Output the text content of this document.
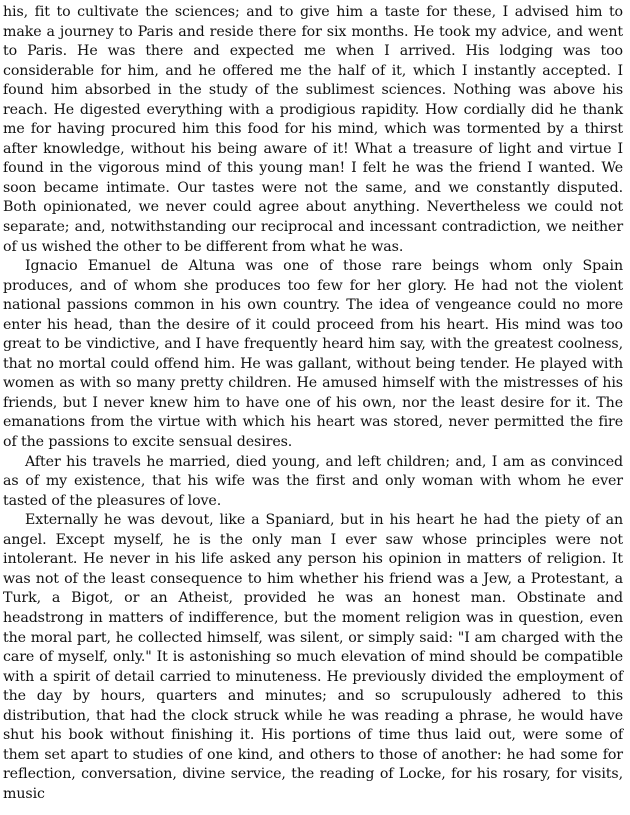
his, fit to cultivate the sciences; and to give him a taste for these, I advised him to make a journey to Paris and reside there for six months. He took my advice, and went to Paris. He was there and expected me when I arrived. His lodging was too considerable for him, and he offered me the half of it, which I instantly accepted. I found him absorbed in the study of the sublimest sciences. Nothing was above his reach. He digested everything with a prodigious rapidity. How cordially did he thank me for having procured him this food for his mind, which was tormented by a thirst after knowledge, without his being aware of it! What a treasure of light and virtue I found in the vigorous mind of this young man! I felt he was the friend I wanted. We soon became intimate. Our tastes were not the same, and we constantly disputed. Both opinionated, we never could agree about anything. Nevertheless we could not separate; and, notwithstanding our reciprocal and incessant contradiction, we neither of us wished the other to be different from what he was.

Ignacio Emanuel de Altuna was one of those rare beings whom only Spain produces, and of whom she produces too few for her glory. He had not the violent national passions common in his own country. The idea of vengeance could no more enter his head, than the desire of it could proceed from his heart. His mind was too great to be vindictive, and I have frequently heard him say, with the greatest coolness, that no mortal could offend him. He was gallant, without being tender. He played with women as with so many pretty children. He amused himself with the mistresses of his friends, but I never knew him to have one of his own, nor the least desire for it. The emanations from the virtue with which his heart was stored, never permitted the fire of the passions to excite sensual desires.

After his travels he married, died young, and left children; and, I am as convinced as of my existence, that his wife was the first and only woman with whom he ever tasted of the pleasures of love.

Externally he was devout, like a Spaniard, but in his heart he had the piety of an angel. Except myself, he is the only man I ever saw whose principles were not intolerant. He never in his life asked any person his opinion in matters of religion. It was not of the least consequence to him whether his friend was a Jew, a Protestant, a Turk, a Bigot, or an Atheist, provided he was an honest man. Obstinate and headstrong in matters of indifference, but the moment religion was in question, even the moral part, he collected himself, was silent, or simply said: "I am charged with the care of myself, only." It is astonishing so much elevation of mind should be compatible with a spirit of detail carried to minuteness. He previously divided the employment of the day by hours, quarters and minutes; and so scrupulously adhered to this distribution, that had the clock struck while he was reading a phrase, he would have shut his book without finishing it. His portions of time thus laid out, were some of them set apart to studies of one kind, and others to those of another: he had some for reflection, conversation, divine service, the reading of Locke, for his rosary, for visits, music
